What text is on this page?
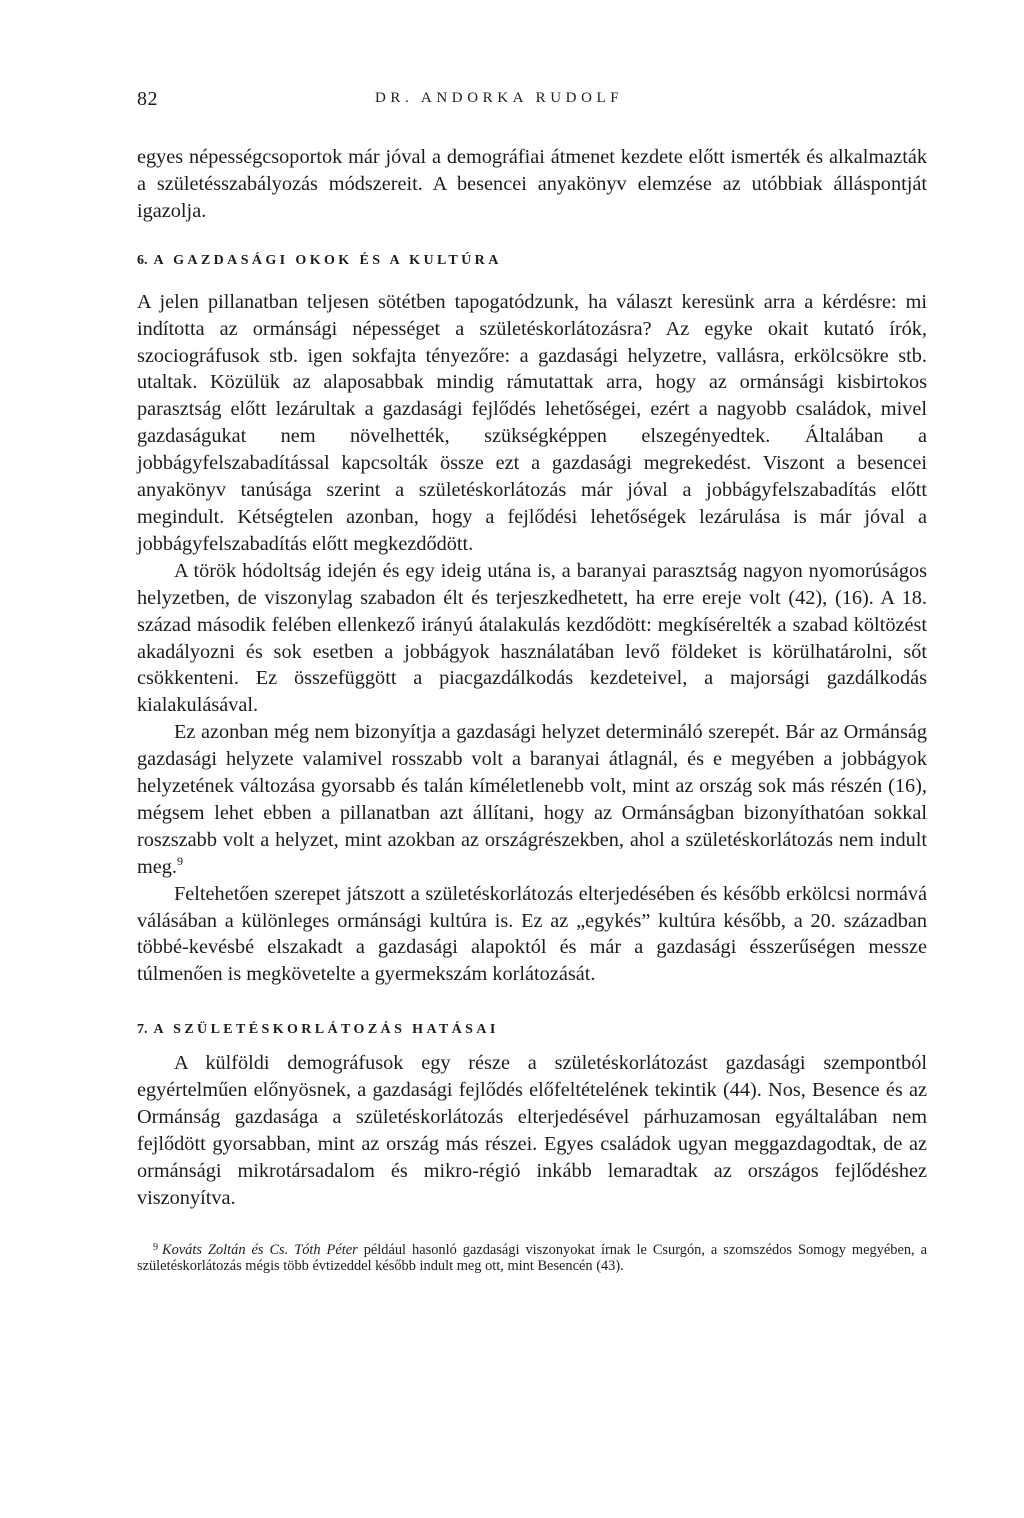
82	DR. ANDORKA RUDOLF

egyes népességcsoportok már jóval a demográfiai átmenet kezdete előtt ismerték és alkalmazták a születésszabályozás módszereit. A besencei anyakönyv elemzése az utóbbiak álláspontját igazolja.

6. A GAZDASÁGI OKOK ÉS A KULTÚRA

A jelen pillanatban teljesen sötétben tapogatódzunk, ha választ keresünk arra a kérdésre: mi indította az ormánsági népességet a születéskorlátozásra? Az egyke okait kutató írók, szociográfusok stb. igen sokfajta tényezőre: a gazdasági helyzetre, vallásra, erkölcsökre stb. utaltak. Közülük az alaposabbak mindig rámutattak arra, hogy az ormánsági kisbirtokos parasztság előtt lezárultak a gazdasági fejlődés lehetőségei, ezért a nagyobb családok, mivel gazdaságukat nem növelhették, szükségképpen elszegényedtek. Általában a jobbágyfelszabadítással kapcsolták össze ezt a gazdasági megrekedést. Viszont a besencei anyakönyv tanúsága szerint a születéskorlátozás már jóval a jobbágyfelszabadítás előtt megindult. Kétségtelen azonban, hogy a fejlődési lehetőségek lezárulása is már jóval a jobbágyfelszabadítás előtt megkezdődött.

A török hódoltság idején és egy ideig utána is, a baranyai parasztság nagyon nyomorúságos helyzetben, de viszonylag szabadon élt és terjeszkedhetett, ha erre ereje volt (42), (16). A 18. század második felében ellenkező irányú átalakulás kezdődött: megkísérelték a szabad költözést akadályozni és sok esetben a jobbágyok használatában levő földeket is körülhatárolni, sőt csökkenteni. Ez összefüggött a piacgazdálkodás kezdeteivel, a majorsági gazdálkodás kialakulásával.

Ez azonban még nem bizonyítja a gazdasági helyzet determináló szerepét. Bár az Ormánság gazdasági helyzete valamivel rosszabb volt a baranyai átlagnál, és e megyében a jobbágyok helyzetének változása gyorsabb és talán kíméletlenebb volt, mint az ország sok más részén (16), mégsem lehet ebben a pillanatban azt állítani, hogy az Ormánságban bizonyíthatóan sokkal roszszabb volt a helyzet, mint azokban az országrészekben, ahol a születéskorlátozás nem indult meg.$^9$

Feltehetően szerepet játszott a születéskorlátozás elterjedésében és később erkölcsi normává válásában a különleges ormánsági kultúra is. Ez az „egykés” kultúra később, a 20. században többé-kevésbé elszakadt a gazdasági alapoktól és már a gazdasági ésszerűségen messze túlmenően is megkövetelte a gyermekszám korlátozását.

7. A SZÜLETÉSKORLÁTOZÁS HATÁSAI

A külföldi demográfusok egy része a születéskorlátozást gazdasági szempontból egyértelműen előnyösnek, a gazdasági fejlődés előfeltételének tekintik (44). Nos, Besence és az Ormánság gazdasága a születéskorlátozás elterjedésével párhuzamosan egyáltalában nem fejlődött gyorsabban, mint az ország más részei. Egyes családok ugyan meggazdagodtak, de az ormánsági mikrotársadalom és mikro-régió inkább lemaradtak az országos fejlődéshez viszonyítva.

$^9$ Kováts Zoltán és Cs. Tóth Péter például hasonló gazdasági viszonyokat írnak le Csurgón, a szomszédos Somogy megyében, a születéskorlátozás mégis több évtizeddel később indult meg ott, mint Besencén (43).
